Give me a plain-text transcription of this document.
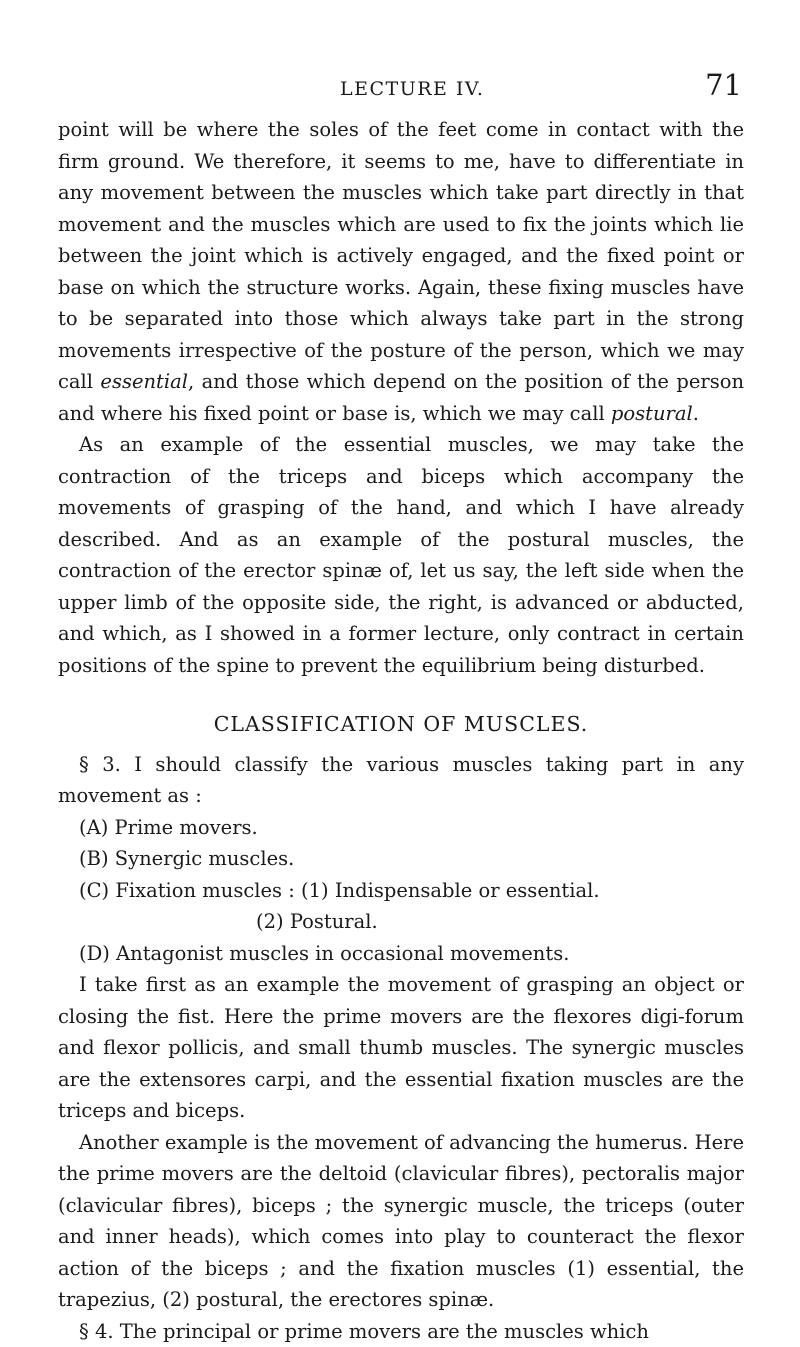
LECTURE IV.	71

point will be where the soles of the feet come in contact with the firm ground. We therefore, it seems to me, have to differentiate in any movement between the muscles which take part directly in that movement and the muscles which are used to fix the joints which lie between the joint which is actively engaged, and the fixed point or base on which the structure works. Again, these fixing muscles have to be separated into those which always take part in the strong movements irrespective of the posture of the person, which we may call essential, and those which depend on the position of the person and where his fixed point or base is, which we may call postural.

As an example of the essential muscles, we may take the contraction of the triceps and biceps which accompany the movements of grasping of the hand, and which I have already described. And as an example of the postural muscles, the contraction of the erector spinæ of, let us say, the left side when the upper limb of the opposite side, the right, is advanced or abducted, and which, as I showed in a former lecture, only contract in certain positions of the spine to prevent the equilibrium being disturbed.

CLASSIFICATION OF MUSCLES.

§ 3. I should classify the various muscles taking part in any movement as :

(A) Prime movers.
(B) Synergic muscles.
(C) Fixation muscles : (1) Indispensable or essential.
(2) Postural.
(D) Antagonist muscles in occasional movements.

I take first as an example the movement of grasping an object or closing the fist. Here the prime movers are the flexores digi-forum and flexor pollicis, and small thumb muscles. The synergic muscles are the extensores carpi, and the essential fixation muscles are the triceps and biceps.

Another example is the movement of advancing the humerus. Here the prime movers are the deltoid (clavicular fibres), pectoralis major (clavicular fibres), biceps ; the synergic muscle, the triceps (outer and inner heads), which comes into play to counteract the flexor action of the biceps ; and the fixation muscles (1) essential, the trapezius, (2) postural, the erectores spinæ.

§ 4. The principal or prime movers are the muscles which
